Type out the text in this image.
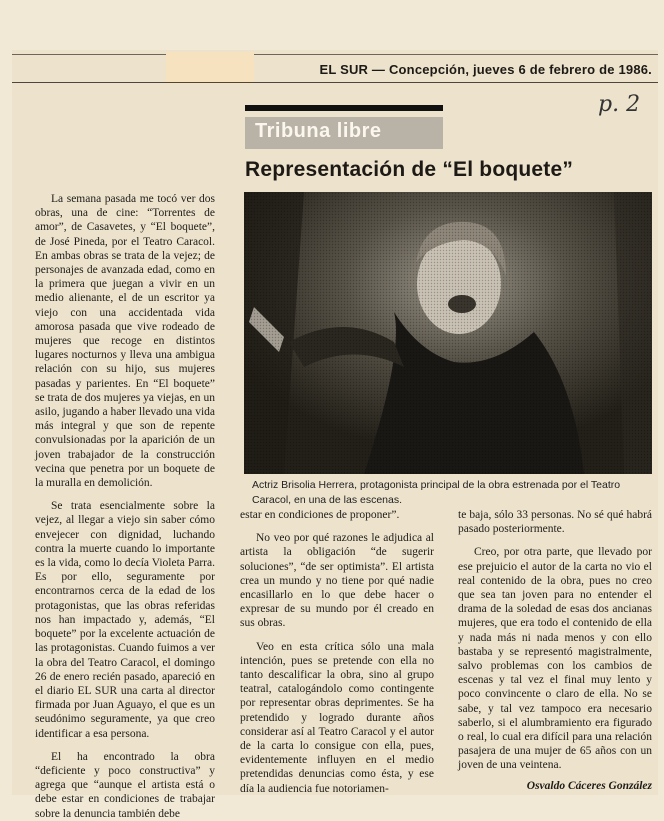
EL SUR — Concepción, jueves 6 de febrero de 1986.
p. 2
Tribuna libre
Representación de “El boquete”
Actriz Brisolia Herrera, protagonista principal de la obra estrenada por el Teatro Caracol, en una de las escenas.

La semana pasada me tocó ver dos obras, una de cine: “Torrentes de amor”, de Casavetes, y “El boquete”, de José Pineda, por el Teatro Caracol. En ambas obras se trata de la vejez; de personajes de avanzada edad, como en la primera que juegan a vivir en un medio alienante, el de un escritor ya viejo con una accidentada vida amorosa pasada que vive rodeado de mujeres que recoge en distintos lugares nocturnos y lleva una ambigua relación con su hijo, sus mujeres pasadas y parientes. En “El boquete” se trata de dos mujeres ya viejas, en un asilo, jugando a haber llevado una vida más integral y que son de repente convulsionadas por la aparición de un joven trabajador de la construcción vecina que penetra por un boquete de la muralla en demolición.

Se trata esencialmente sobre la vejez, al llegar a viejo sin saber cómo envejecer con dignidad, luchando contra la muerte cuando lo importante es la vida, como lo decía Violeta Parra. Es por ello, seguramente por encontrarnos cerca de la edad de los protagonistas, que las obras referidas nos han impactado y, además, “El boquete” por la excelente actuación de las protagonistas. Cuando fuimos a ver la obra del Teatro Caracol, el domingo 26 de enero recién pasado, apareció en el diario EL SUR una carta al director firmada por Juan Aguayo, el que es un seudónimo seguramente, ya que creo identificar a esa persona.

El ha encontrado la obra “deficiente y poco constructiva” y agrega que “aunque el artista está o debe estar en condiciones de trabajar sobre la denuncia también debe

estar en condiciones de proponer”.

No veo por qué razones le adjudica al artista la obligación “de sugerir soluciones”, “de ser optimista”. El artista crea un mundo y no tiene por qué nadie encasillarlo en lo que debe hacer o expresar de su mundo por él creado en sus obras.

Veo en esta crítica sólo una mala intención, pues se pretende con ella no tanto descalificar la obra, sino al grupo teatral, catalogándolo como contingente por representar obras deprimentes. Se ha pretendido y logrado durante años considerar así al Teatro Caracol y el autor de la carta lo consigue con ella, pues, evidentemente influyen en el medio pretendidas denuncias como ésta, y ese día la audiencia fue notoriamen-

te baja, sólo 33 personas. No sé qué habrá pasado posteriormente.

Creo, por otra parte, que llevado por ese prejuicio el autor de la carta no vio el real contenido de la obra, pues no creo que sea tan joven para no entender el drama de la soledad de esas dos ancianas mujeres, que era todo el contenido de ella y nada más ni nada menos y con ello bastaba y se representó magistralmente, salvo problemas con los cambios de escenas y tal vez el final muy lento y poco convincente o claro de ella. No se sabe, y tal vez tampoco era necesario saberlo, si el alumbramiento era figurado o real, lo cual era difícil para una relación pasajera de una mujer de 65 años con un joven de una veintena.

Osvaldo Cáceres González
